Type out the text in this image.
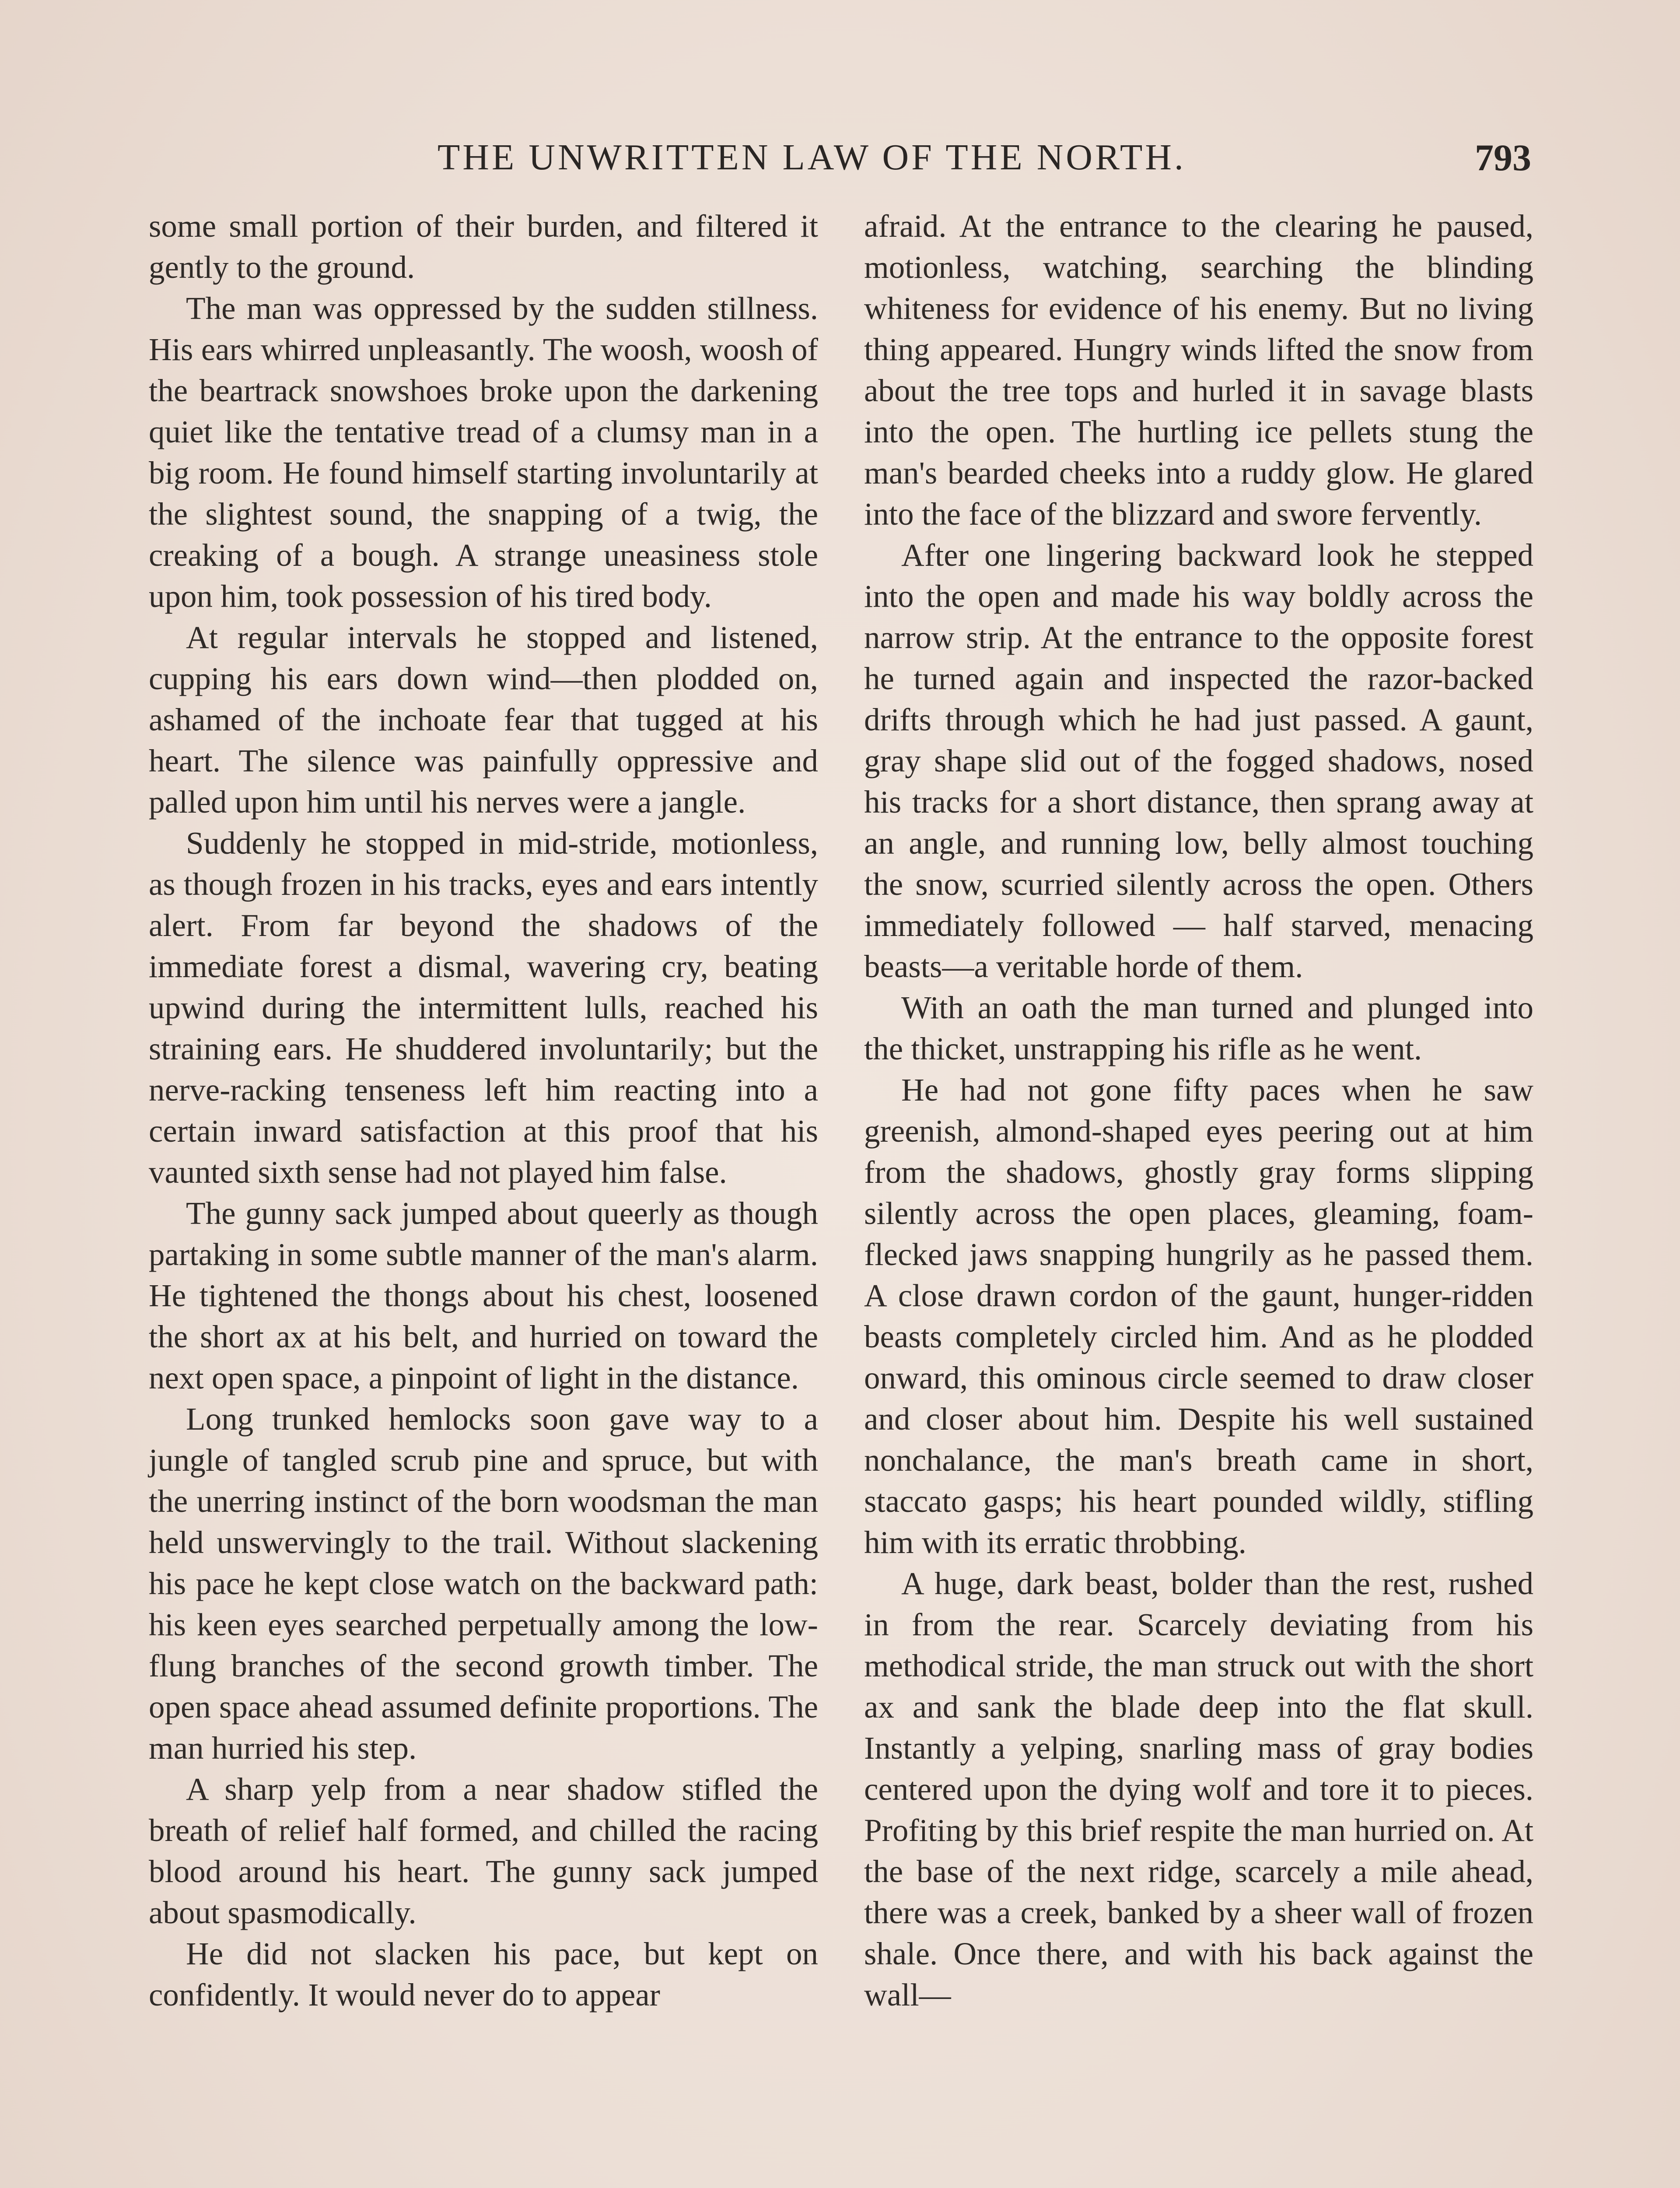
THE UNWRITTEN LAW OF THE NORTH.	793

some small portion of their burden, and filtered it gently to the ground.

The man was oppressed by the sudden stillness. His ears whirred unpleasantly. The woosh, woosh of the beartrack snowshoes broke upon the darkening quiet like the tentative tread of a clumsy man in a big room. He found himself starting involuntarily at the slightest sound, the snapping of a twig, the creaking of a bough. A strange uneasiness stole upon him, took possession of his tired body.

At regular intervals he stopped and listened, cupping his ears down wind—then plodded on, ashamed of the inchoate fear that tugged at his heart. The silence was painfully oppressive and palled upon him until his nerves were a jangle.

Suddenly he stopped in mid-stride, motionless, as though frozen in his tracks, eyes and ears intently alert. From far beyond the shadows of the immediate forest a dismal, wavering cry, beating upwind during the intermittent lulls, reached his straining ears. He shuddered involuntarily; but the nerve-racking tenseness left him reacting into a certain inward satisfaction at this proof that his vaunted sixth sense had not played him false.

The gunny sack jumped about queerly as though partaking in some subtle manner of the man's alarm. He tightened the thongs about his chest, loosened the short ax at his belt, and hurried on toward the next open space, a pinpoint of light in the distance.

Long trunked hemlocks soon gave way to a jungle of tangled scrub pine and spruce, but with the unerring instinct of the born woodsman the man held unswervingly to the trail. Without slackening his pace he kept close watch on the backward path: his keen eyes searched perpetually among the low-flung branches of the second growth timber. The open space ahead assumed definite proportions. The man hurried his step.

A sharp yelp from a near shadow stifled the breath of relief half formed, and chilled the racing blood around his heart. The gunny sack jumped about spasmodically.

He did not slacken his pace, but kept on confidently. It would never do to appear

afraid. At the entrance to the clearing he paused, motionless, watching, searching the blinding whiteness for evidence of his enemy. But no living thing appeared. Hungry winds lifted the snow from about the tree tops and hurled it in savage blasts into the open. The hurtling ice pellets stung the man's bearded cheeks into a ruddy glow. He glared into the face of the blizzard and swore fervently.

After one lingering backward look he stepped into the open and made his way boldly across the narrow strip. At the entrance to the opposite forest he turned again and inspected the razor-backed drifts through which he had just passed. A gaunt, gray shape slid out of the fogged shadows, nosed his tracks for a short distance, then sprang away at an angle, and running low, belly almost touching the snow, scurried silently across the open. Others immediately followed — half starved, menacing beasts—a veritable horde of them.

With an oath the man turned and plunged into the thicket, unstrapping his rifle as he went.

He had not gone fifty paces when he saw greenish, almond-shaped eyes peering out at him from the shadows, ghostly gray forms slipping silently across the open places, gleaming, foam-flecked jaws snapping hungrily as he passed them. A close drawn cordon of the gaunt, hunger-ridden beasts completely circled him. And as he plodded onward, this ominous circle seemed to draw closer and closer about him. Despite his well sustained nonchalance, the man's breath came in short, staccato gasps; his heart pounded wildly, stifling him with its erratic throbbing.

A huge, dark beast, bolder than the rest, rushed in from the rear. Scarcely deviating from his methodical stride, the man struck out with the short ax and sank the blade deep into the flat skull. Instantly a yelping, snarling mass of gray bodies centered upon the dying wolf and tore it to pieces. Profiting by this brief respite the man hurried on. At the base of the next ridge, scarcely a mile ahead, there was a creek, banked by a sheer wall of frozen shale. Once there, and with his back against the wall—
